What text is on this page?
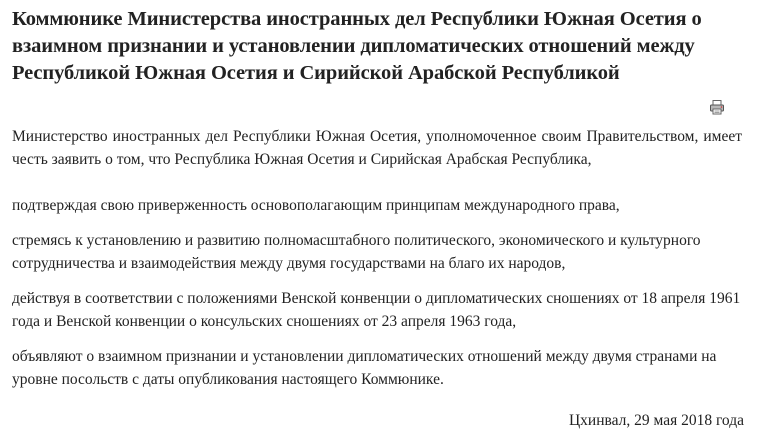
Коммюнике Министерства иностранных дел Республики Южная Осетия о взаимном признании и установлении дипломатических отношений между Республикой Южная Осетия и Сирийской Арабской Республикой

Министерство иностранных дел Республики Южная Осетия, уполномоченное своим Правительством, имеет честь заявить о том, что Республика Южная Осетия и Сирийская Арабская Республика,

подтверждая свою приверженность основополагающим принципам международного права,

стремясь к установлению и развитию полномасштабного политического, экономического и культурного сотрудничества и взаимодействия между двумя государствами на благо их народов,

действуя в соответствии с положениями Венской конвенции о дипломатических сношениях от 18 апреля 1961 года и Венской конвенции о консульских сношениях от 23 апреля 1963 года,

объявляют о взаимном признании и установлении дипломатических отношений между двумя странами на уровне посольств с даты опубликования настоящего Коммюнике.

Цхинвал, 29 мая 2018 года
